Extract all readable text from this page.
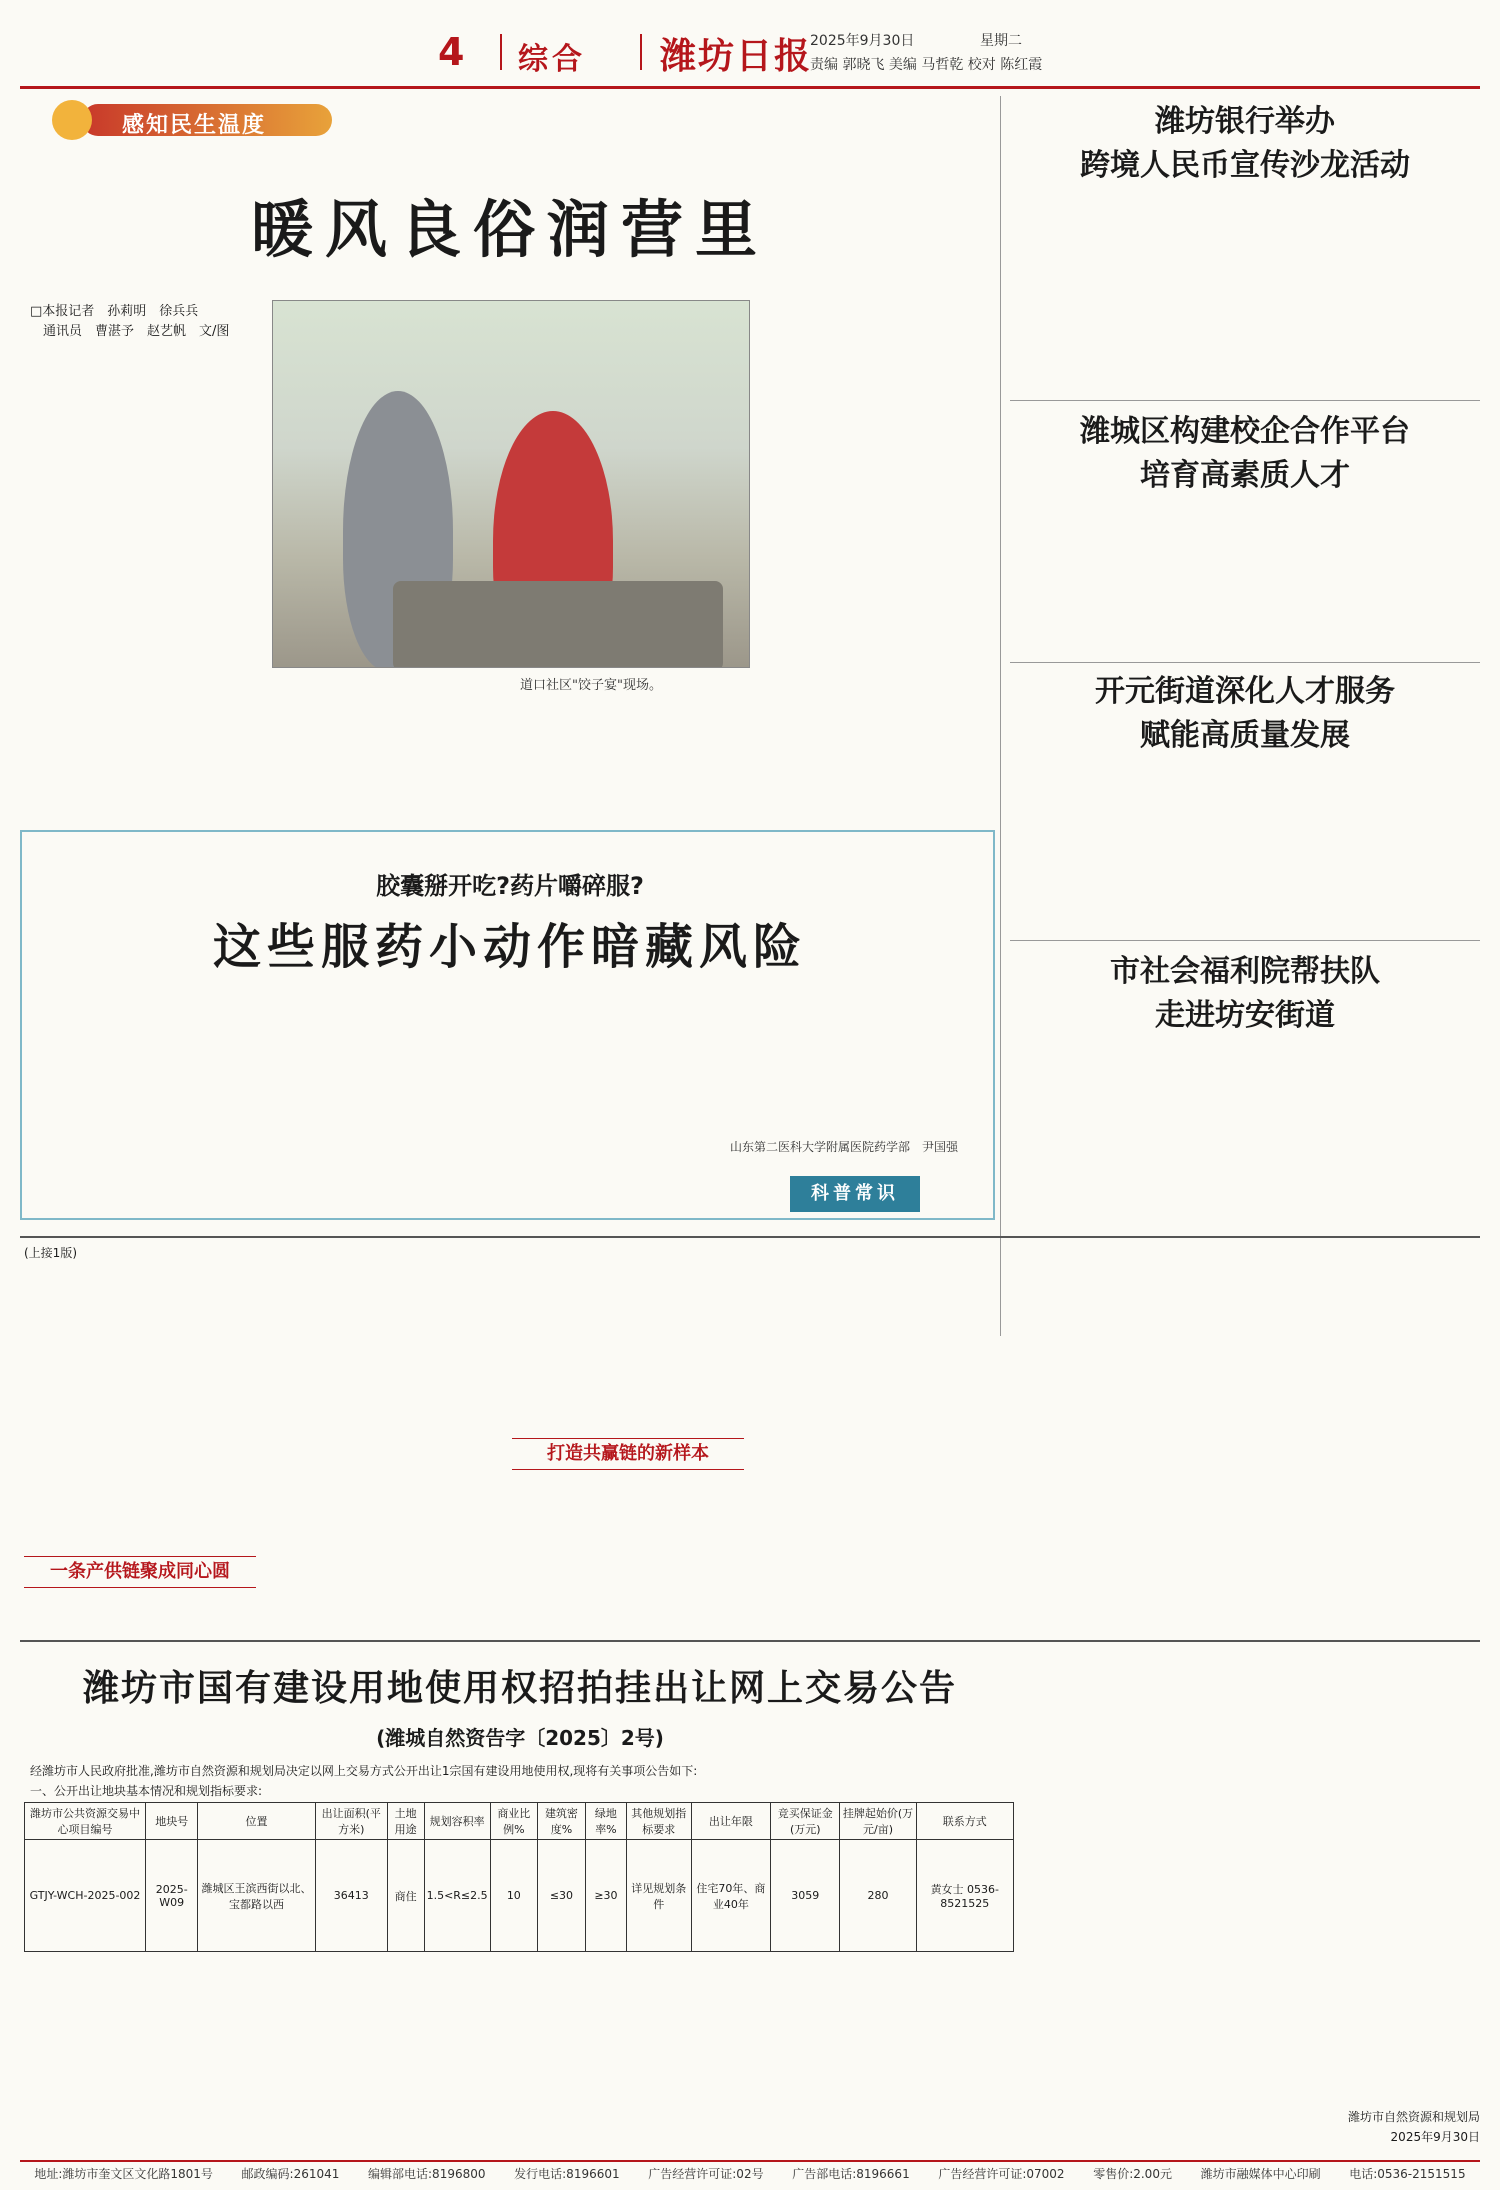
4 综合 潍坊日报
2025年9月30日	星期二
责编 郭晓飞 美编 马哲乾 校对 陈红霞
感知民生温度
暖风良俗润营里
□本报记者　孙莉明　徐兵兵
　通讯员　曹湛予　赵艺帆　文/图
道口社区"饺子宴"现场。
潍坊银行举办
跨境人民币宣传沙龙活动
潍城区构建校企合作平台
培育高素质人才
开元街道深化人才服务
赋能高质量发展
市社会福利院帮扶队
走进坊安街道
胶囊掰开吃?药片嚼碎服?
这些服药小动作暗藏风险
山东第二医科大学附属医院药学部　尹国强
科普常识
(上接1版)
一条产供链聚成同心圆
打造共赢链的新样本
潍坊市国有建设用地使用权招拍挂出让网上交易公告
(潍城自然资告字〔2025〕2号)
经潍坊市人民政府批准,潍坊市自然资源和规划局决定以网上交易方式公开出让1宗国有建设用地使用权,现将有关事项公告如下:
一、公开出让地块基本情况和规划指标要求:
潍坊市公共资源交易中心项目编号	地块号	位置	出让面积(平方米)	土地用途	规划容积率	商业比例%	建筑密度%	绿地率%	其他规划指标要求	出让年限	竞买保证金(万元)	挂牌起始价(万元/亩)	联系方式
GTJY-WCH-2025-002	2025-W09	潍城区王滨西街以北、宝都路以西	36413	商住	1.5<R≤2.5	10	≤30	≥30	详见规划条件	住宅70年、商业40年	3059	280	黄女士 0536-8521525
潍坊市自然资源和规划局
2025年9月30日
地址:潍坊市奎文区文化路1801号 邮政编码:261041 编辑部电话:8196800 发行电话:8196601 广告经营许可证:02号 广告部电话:8196661 广告经营许可证:07002 零售价:2.00元 潍坊市融媒体中心印刷 电话:0536-2151515
